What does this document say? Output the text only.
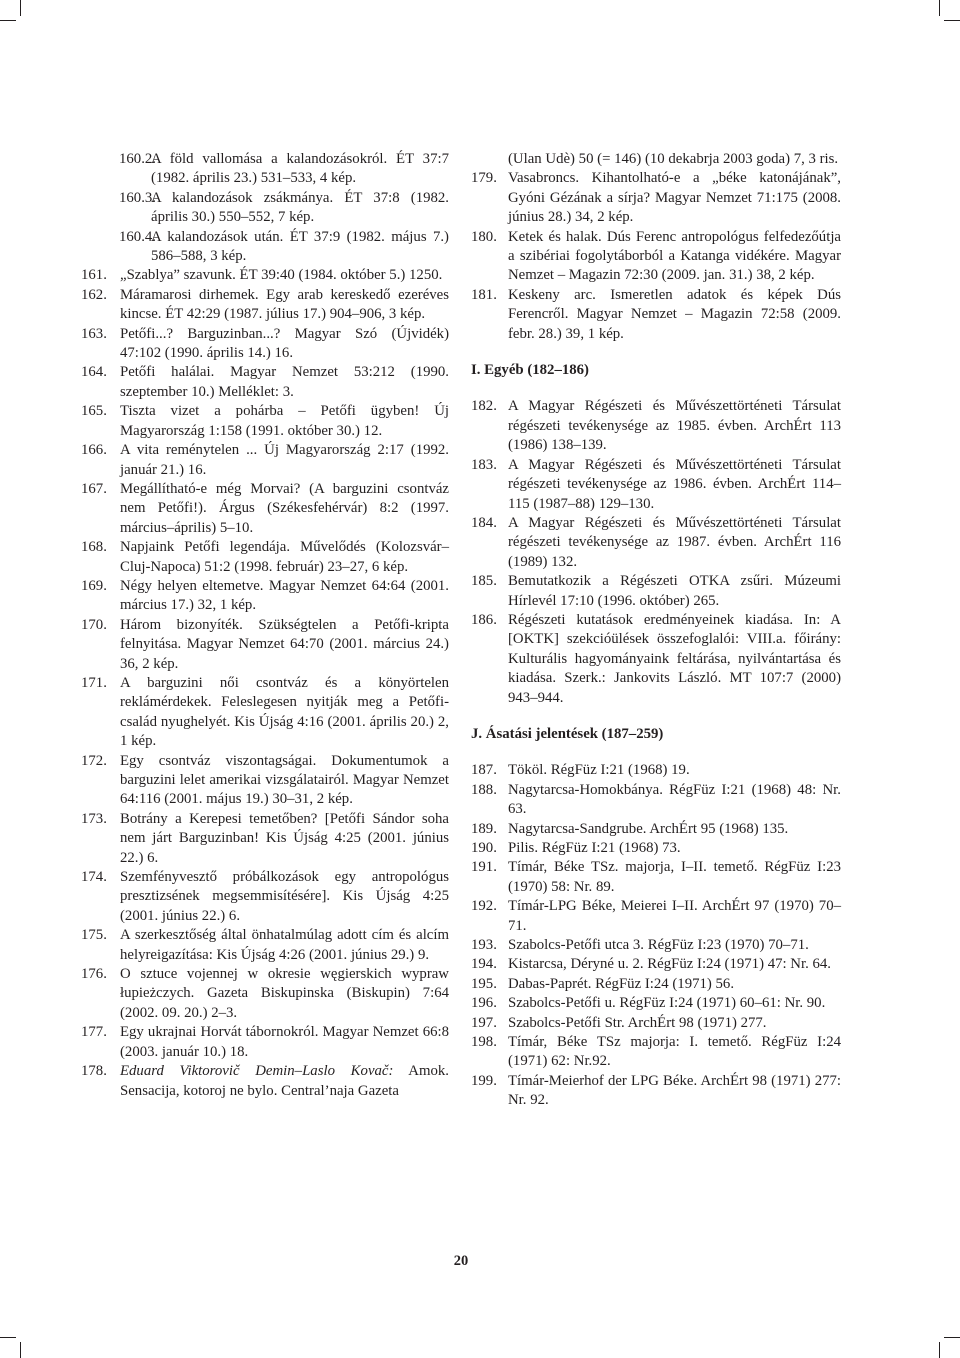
160.2.
A föld vallomása a kalandozásokról. ÉT 37:7 (1982. április 23.) 531–533, 4 kép.
160.3.
A kalandozások zsákmánya. ÉT 37:8 (1982. április 30.) 550–552, 7 kép.
160.4.
A kalandozások után. ÉT 37:9 (1982. május 7.) 586–588, 3 kép.
161. „Szablya” szavunk. ÉT 39:40 (1984. október 5.) 1250.
162. Máramarosi dirhemek. Egy arab kereskedő ezeréves kincse. ÉT 42:29 (1987. július 17.) 904–906, 3 kép.
163. Petőfi...? Barguzinban...? Magyar Szó (Újvidék) 47:102 (1990. április 14.) 16.
164. Petőfi halálai. Magyar Nemzet 53:212 (1990. szeptember 10.) Melléklet: 3.
165. Tiszta vizet a pohárba – Petőfi ügyben! Új Magyarország 1:158 (1991. október 30.) 12.
166. A vita reménytelen ... Új Magyarország 2:17 (1992. január 21.) 16.
167. Megállítható-e még Morvai? (A barguzini csontváz nem Petőfi!). Árgus (Székesfehérvár) 8:2 (1997. március–április) 5–10.
168. Napjaink Petőfi legendája. Művelődés (Kolozsvár–Cluj-Napoca) 51:2 (1998. február) 23–27, 6 kép.
169. Négy helyen eltemetve. Magyar Nemzet 64:64 (2001. március 17.) 32, 1 kép.
170. Három bizonyíték. Szükségtelen a Petőfi-kripta felnyitása. Magyar Nemzet 64:70 (2001. március 24.) 36, 2 kép.
171. A barguzini női csontváz és a könyörtelen reklámérdekek. Feleslegesen nyitják meg a Petőfi-család nyughelyét. Kis Újság 4:16 (2001. április 20.) 2, 1 kép.
172. Egy csontváz viszontagságai. Dokumentumok a barguzini lelet amerikai vizsgálatairól. Magyar Nemzet 64:116 (2001. május 19.) 30–31, 2 kép.
173. Botrány a Kerepesi temetőben? [Petőfi Sándor soha nem járt Barguzinban! Kis Újság 4:25 (2001. június 22.) 6.
174. Szemfényvesztő próbálkozások egy antropológus presztizsének megsemmisítésére]. Kis Újság 4:25 (2001. június 22.) 6.
175. A szerkesztőség által önhatalmúlag adott cím és alcím helyreigazítása: Kis Újság 4:26 (2001. június 29.) 9.
176. O sztuce vojennej w okresie węgierskich wypraw łupieżczych. Gazeta Biskupinska (Biskupin) 7:64 (2002. 09. 20.) 2–3.
177. Egy ukrajnai Horvát tábornokról. Magyar Nemzet 66:8 (2003. január 10.) 18.
178. Eduard Viktorovič Demin–Laslo Kovač: Amok. Sensacija, kotoroj ne bylo. Central’naja Gazeta
(Ulan Udè) 50 (= 146) (10 dekabrja 2003 goda) 7, 3 ris.
179. Vasabroncs. Kihantolható-e a „béke katonájának”, Gyóni Gézának a sírja? Magyar Nemzet 71:175 (2008. június 28.) 34, 2 kép.
180. Ketek és halak. Dús Ferenc antropológus felfedezőútja a szibériai fogolytáborból a Katanga vidékére. Magyar Nemzet – Magazin 72:30 (2009. jan. 31.) 38, 2 kép.
181. Keskeny arc. Ismeretlen adatok és képek Dús Ferencről. Magyar Nemzet – Magazin 72:58 (2009. febr. 28.) 39, 1 kép.
I. Egyéb (182–186)
182. A Magyar Régészeti és Művészettörténeti Társulat régészeti tevékenysége az 1985. évben. ArchÉrt 113 (1986) 138–139.
183. A Magyar Régészeti és Művészettörténeti Társulat régészeti tevékenysége az 1986. évben. ArchÉrt 114–115 (1987–88) 129–130.
184. A Magyar Régészeti és Művészettörténeti Társulat régészeti tevékenysége az 1987. évben. ArchÉrt 116 (1989) 132.
185. Bemutatkozik a Régészeti OTKA zsűri. Múzeumi Hírlevél 17:10 (1996. október) 265.
186. Régészeti kutatások eredményeinek kiadása. In: A [OKTK] szekcióülések összefoglalói: VIII.a. főirány: Kulturális hagyományaink feltárása, nyilvántartása és kiadása. Szerk.: Jankovits László. MT 107:7 (2000) 943–944.
J. Ásatási jelentések (187–259)
187. Tököl. RégFüz I:21 (1968) 19.
188. Nagytarcsa-Homokbánya. RégFüz I:21 (1968) 48: Nr. 63.
189. Nagytarcsa-Sandgrube. ArchÉrt 95 (1968) 135.
190. Pilis. RégFüz I:21 (1968) 73.
191. Tímár, Béke TSz. majorja, I–II. temető. RégFüz I:23 (1970) 58: Nr. 89.
192. Tímár-LPG Béke, Meierei I–II. ArchÉrt 97 (1970) 70–71.
193. Szabolcs-Petőfi utca 3. RégFüz I:23 (1970) 70–71.
194. Kistarcsa, Déryné u. 2. RégFüz I:24 (1971) 47: Nr. 64.
195. Dabas-Paprét. RégFüz I:24 (1971) 56.
196. Szabolcs-Petőfi u. RégFüz I:24 (1971) 60–61: Nr. 90.
197. Szabolcs-Petőfi Str. ArchÉrt 98 (1971) 277.
198. Tímár, Béke TSz majorja: I. temető. RégFüz I:24 (1971) 62: Nr.92.
199. Tímár-Meierhof der LPG Béke. ArchÉrt 98 (1971) 277: Nr. 92.
20
